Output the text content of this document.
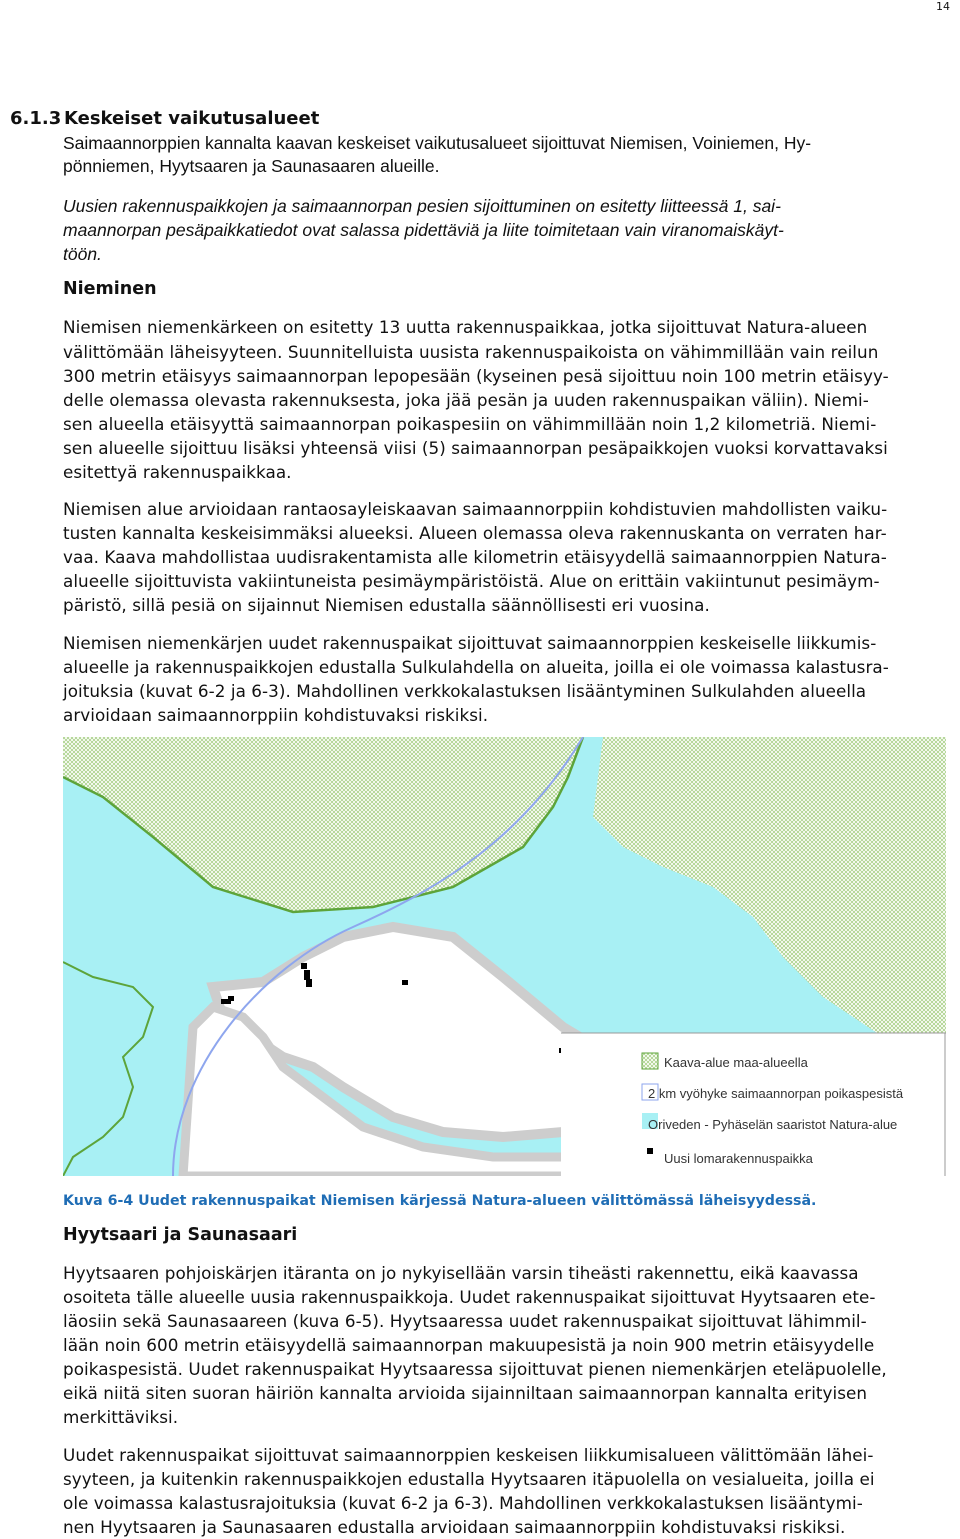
14
6.1.3 Keskeiset vaikutusalueet
Saimaannorppien kannalta kaavan keskeiset vaikutusalueet sijoittuvat Niemisen, Voiniemen, Hy-
pönniemen, Hyytsaaren ja Saunasaaren alueille.
Uusien rakennuspaikkojen ja saimaannorpan pesien sijoittuminen on esitetty liitteessä 1, sai-
maannorpan pesäpaikkatiedot ovat salassa pidettäviä ja liite toimitetaan vain viranomaiskäyt-
töön.
Nieminen
Niemisen niemenkärkeen on esitetty 13 uutta rakennuspaikkaa, jotka sijoittuvat Natura-alueen
välittömään läheisyyteen. Suunnitelluista uusista rakennuspaikoista on vähimmillään vain reilun
300 metrin etäisyys saimaannorpan lepopesään (kyseinen pesä sijoittuu noin 100 metrin etäisyy-
delle olemassa olevasta rakennuksesta, joka jää pesän ja uuden rakennuspaikan väliin). Niemi-
sen alueella etäisyyttä saimaannorpan poikaspesiin on vähimmillään noin 1,2 kilometriä. Niemi-
sen alueelle sijoittuu lisäksi yhteensä viisi (5) saimaannorpan pesäpaikkojen vuoksi korvattavaksi
esitettyä rakennuspaikkaa.
Niemisen alue arvioidaan rantaosayleiskaavan saimaannorppiin kohdistuvien mahdollisten vaiku-
tusten kannalta keskeisimmäksi alueeksi. Alueen olemassa oleva rakennuskanta on verraten har-
vaa. Kaava mahdollistaa uudisrakentamista alle kilometrin etäisyydellä saimaannorppien Natura-
alueelle sijoittuvista vakiintuneista pesimäympäristöistä. Alue on erittäin vakiintunut pesimäym-
päristö, sillä pesiä on sijainnut Niemisen edustalla säännöllisesti eri vuosina.
Niemisen niemenkärjen uudet rakennuspaikat sijoittuvat saimaannorppien keskeiselle liikkumis-
alueelle ja rakennuspaikkojen edustalla Sulkulahdella on alueita, joilla ei ole voimassa kalastusra-
joituksia (kuvat 6-2 ja 6-3). Mahdollinen verkkokalastuksen lisääntyminen Sulkulahden alueella
arvioidaan saimaannorppiin kohdistuvaksi riskiksi.
Kaava-alue maa-alueella
2 km vyöhyke saimaannorpan poikaspesistä
Oriveden - Pyhäselän saaristot Natura-alue
Uusi lomarakennuspaikka
Kuva 6-4 Uudet rakennuspaikat Niemisen kärjessä Natura-alueen välittömässä läheisyydessä.
Hyytsaari ja Saunasaari
Hyytsaaren pohjoiskärjen itäranta on jo nykyisellään varsin tiheästi rakennettu, eikä kaavassa
osoiteta tälle alueelle uusia rakennuspaikkoja. Uudet rakennuspaikat sijoittuvat Hyytsaaren ete-
läosiin sekä Saunasaareen (kuva 6-5). Hyytsaaressa uudet rakennuspaikat sijoittuvat lähimmil-
lään noin 600 metrin etäisyydellä saimaannorpan makuupesistä ja noin 900 metrin etäisyydelle
poikaspesistä. Uudet rakennuspaikat Hyytsaaressa sijoittuvat pienen niemenkärjen eteläpuolelle,
eikä niitä siten suoran häiriön kannalta arvioida sijainniltaan saimaannorpan kannalta erityisen
merkittäviksi.
Uudet rakennuspaikat sijoittuvat saimaannorppien keskeisen liikkumisalueen välittömään lähei-
syyteen, ja kuitenkin rakennuspaikkojen edustalla Hyytsaaren itäpuolella on vesialueita, joilla ei
ole voimassa kalastusrajoituksia (kuvat 6-2 ja 6-3). Mahdollinen verkkokalastuksen lisääntymi-
nen Hyytsaaren ja Saunasaaren edustalla arvioidaan saimaannorppiin kohdistuvaksi riskiksi.
